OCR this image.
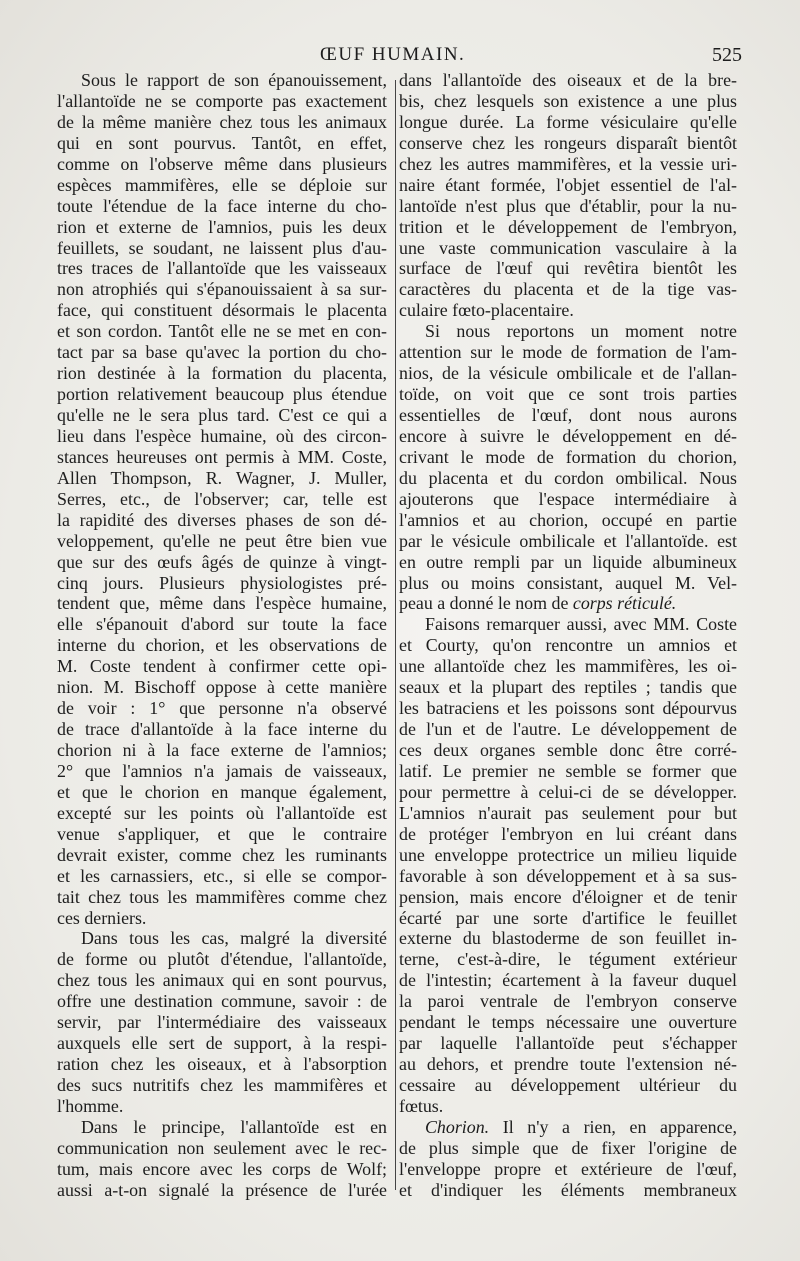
ŒUF HUMAIN.	525
Sous le rapport de son épanouissement,
l'allantoïde ne se comporte pas exactement
de la même manière chez tous les animaux
qui en sont pourvus. Tantôt, en effet,
comme on l'observe même dans plusieurs
espèces mammifères, elle se déploie sur
toute l'étendue de la face interne du cho-
rion et externe de l'amnios, puis les deux
feuillets, se soudant, ne laissent plus d'au-
tres traces de l'allantoïde que les vaisseaux
non atrophiés qui s'épanouissaient à sa sur-
face, qui constituent désormais le placenta
et son cordon. Tantôt elle ne se met en con-
tact par sa base qu'avec la portion du cho-
rion destinée à la formation du placenta,
portion relativement beaucoup plus étendue
qu'elle ne le sera plus tard. C'est ce qui a
lieu dans l'espèce humaine, où des circon-
stances heureuses ont permis à MM. Coste,
Allen Thompson, R. Wagner, J. Muller,
Serres, etc., de l'observer; car, telle est
la rapidité des diverses phases de son dé-
veloppement, qu'elle ne peut être bien vue
que sur des œufs âgés de quinze à vingt-
cinq jours. Plusieurs physiologistes pré-
tendent que, même dans l'espèce humaine,
elle s'épanouit d'abord sur toute la face
interne du chorion, et les observations de
M. Coste tendent à confirmer cette opi-
nion. M. Bischoff oppose à cette manière
de voir : 1° que personne n'a observé
de trace d'allantoïde à la face interne du
chorion ni à la face externe de l'amnios;
2° que l'amnios n'a jamais de vaisseaux,
et que le chorion en manque également,
excepté sur les points où l'allantoïde est
venue s'appliquer, et que le contraire
devrait exister, comme chez les ruminants
et les carnassiers, etc., si elle se compor-
tait chez tous les mammifères comme chez
ces derniers.
Dans tous les cas, malgré la diversité
de forme ou plutôt d'étendue, l'allantoïde,
chez tous les animaux qui en sont pourvus,
offre une destination commune, savoir : de
servir, par l'intermédiaire des vaisseaux
auxquels elle sert de support, à la respi-
ration chez les oiseaux, et à l'absorption
des sucs nutritifs chez les mammifères et
l'homme.
Dans le principe, l'allantoïde est en
communication non seulement avec le rec-
tum, mais encore avec les corps de Wolf;
aussi a-t-on signalé la présence de l'urée
dans l'allantoïde des oiseaux et de la bre-
bis, chez lesquels son existence a une plus
longue durée. La forme vésiculaire qu'elle
conserve chez les rongeurs disparaît bientôt
chez les autres mammifères, et la vessie uri-
naire étant formée, l'objet essentiel de l'al-
lantoïde n'est plus que d'établir, pour la nu-
trition et le développement de l'embryon,
une vaste communication vasculaire à la
surface de l'œuf qui revêtira bientôt les
caractères du placenta et de la tige vas-
culaire fœto-placentaire.
Si nous reportons un moment notre
attention sur le mode de formation de l'am-
nios, de la vésicule ombilicale et de l'allan-
toïde, on voit que ce sont trois parties
essentielles de l'œuf, dont nous aurons
encore à suivre le développement en dé-
crivant le mode de formation du chorion,
du placenta et du cordon ombilical. Nous
ajouterons que l'espace intermédiaire à
l'amnios et au chorion, occupé en partie
par le vésicule ombilicale et l'allantoïde. est
en outre rempli par un liquide albumineux
plus ou moins consistant, auquel M. Vel-
peau a donné le nom de corps réticulé.
Faisons remarquer aussi, avec MM. Coste
et Courty, qu'on rencontre un amnios et
une allantoïde chez les mammifères, les oi-
seaux et la plupart des reptiles ; tandis que
les batraciens et les poissons sont dépourvus
de l'un et de l'autre. Le développement de
ces deux organes semble donc être corré-
latif. Le premier ne semble se former que
pour permettre à celui-ci de se développer.
L'amnios n'aurait pas seulement pour but
de protéger l'embryon en lui créant dans
une enveloppe protectrice un milieu liquide
favorable à son développement et à sa sus-
pension, mais encore d'éloigner et de tenir
écarté par une sorte d'artifice le feuillet
externe du blastoderme de son feuillet in-
terne, c'est-à-dire, le tégument extérieur
de l'intestin; écartement à la faveur duquel
la paroi ventrale de l'embryon conserve
pendant le temps nécessaire une ouverture
par laquelle l'allantoïde peut s'échapper
au dehors, et prendre toute l'extension né-
cessaire au développement ultérieur du
fœtus.
Chorion. Il n'y a rien, en apparence,
de plus simple que de fixer l'origine de
l'enveloppe propre et extérieure de l'œuf,
et d'indiquer les éléments membraneux
